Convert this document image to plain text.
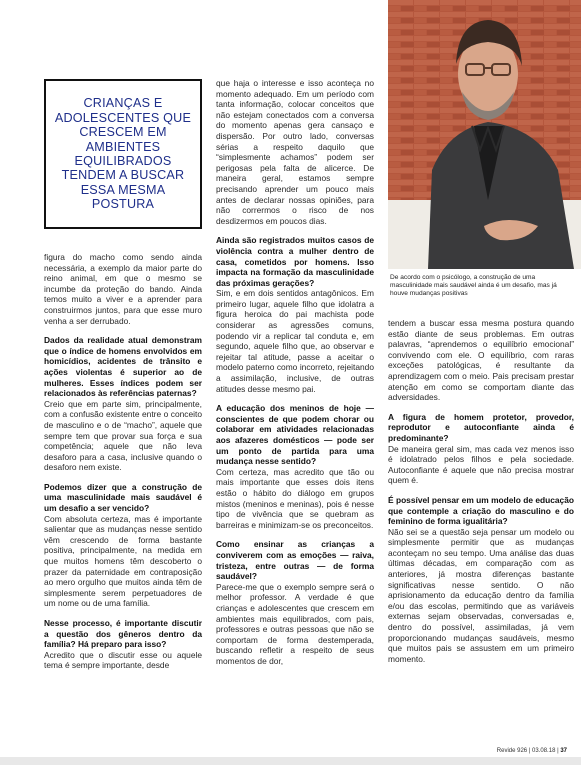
CRIANÇAS E ADOLESCENTES QUE CRESCEM EM AMBIENTES EQUILIBRADOS TENDEM A BUSCAR ESSA MESMA POSTURA
De acordo com o psicólogo, a construção de uma masculinidade mais saudável ainda é um desafio, mas já houve mudanças positivas

figura do macho como sendo ainda necessária, a exemplo da maior parte do reino animal, em que o mesmo se incumbe da proteção do bando. Ainda temos muito a viver e a aprender para construirmos juntos, para que esse muro venha a ser derrubado.

Dados da realidade atual demonstram que o índice de homens envolvidos em homicídios, acidentes de trânsito e ações violentas é superior ao de mulheres. Esses índices podem ser relacionados às referências paternas?

Creio que em parte sim, principalmente, com a confusão existente entre o conceito de masculino e o de “macho”, aquele que sempre tem que provar sua força e sua competência; aquele que não leva desaforo para a casa, inclusive quando o desaforo nem existe.

Podemos dizer que a construção de uma masculinidade mais saudável é um desafio a ser vencido?

Com absoluta certeza, mas é importante salientar que as mudanças nesse sentido vêm crescendo de forma bastante positiva, principalmente, na medida em que muitos homens têm descoberto o prazer da paternidade em contraposição ao mero orgulho que muitos ainda têm de simplesmente serem perpetuadores de um nome ou de uma família.

Nesse processo, é importante discutir a questão dos gêneros dentro da família? Há preparo para isso?

Acredito que o discutir esse ou aquele tema é sempre importante, desde

que haja o interesse e isso aconteça no momento adequado. Em um período com tanta informação, colocar conceitos que não estejam conectados com a conversa do momento apenas gera cansaço e dispersão. Por outro lado, conversas sérias a respeito daquilo que “simplesmente achamos” podem ser perigosas pela falta de alicerce. De maneira geral, estamos sempre precisando aprender um pouco mais antes de declarar nossas opiniões, para não corrermos o risco de nos desdizermos em poucos dias.

Ainda são registrados muitos casos de violência contra a mulher dentro de casa, cometidos por homens. Isso impacta na formação da masculinidade das próximas gerações?

Sim, e em dois sentidos antagônicos. Em primeiro lugar, aquele filho que idolatra a figura heroica do pai machista pode considerar as agressões comuns, podendo vir a replicar tal conduta e, em segundo, aquele filho que, ao observar e rejeitar tal atitude, passe a aceitar o modelo paterno como incorreto, rejeitando a assimilação, inclusive, de outras atitudes desse mesmo pai.

A educação dos meninos de hoje — conscientes de que podem chorar ou colaborar em atividades relacionadas aos afazeres domésticos — pode ser um ponto de partida para uma mudança nesse sentido?

Com certeza, mas acredito que tão ou mais importante que esses dois itens estão o hábito do diálogo em grupos mistos (meninos e meninas), pois é nesse tipo de vivência que se quebram as barreiras e minimizam-se os preconceitos.

Como ensinar as crianças a conviverem com as emoções — raiva, tristeza, entre outras — de forma saudável?

Parece-me que o exemplo sempre será o melhor professor. A verdade é que crianças e adolescentes que crescem em ambientes mais equilibrados, com pais, professores e outras pessoas que não se comportam de forma destemperada, buscando refletir a respeito de seus momentos de dor,

tendem a buscar essa mesma postura quando estão diante de seus problemas. Em outras palavras, “aprendemos o equilíbrio emocional” convivendo com ele. O equilíbrio, com raras exceções patológicas, é resultante da aprendizagem com o meio. Pais precisam prestar atenção em como se comportam diante das adversidades.

A figura de homem protetor, provedor, reprodutor e autoconfiante ainda é predominante?

De maneira geral sim, mas cada vez menos isso é idolatrado pelos filhos e pela sociedade. Autoconfiante é aquele que não precisa mostrar quem é.

É possível pensar em um modelo de educação que contemple a criação do masculino e do feminino de forma igualitária?

Não sei se a questão seja pensar um modelo ou simplesmente permitir que as mudanças aconteçam no seu tempo. Uma análise das duas últimas décadas, em comparação com as anteriores, já mostra diferenças bastante significativas nesse sentido. O não aprisionamento da educação dentro da família e/ou das escolas, permitindo que as variáveis externas sejam observadas, conversadas e, dentro do possível, assimiladas, já vem proporcionando mudanças saudáveis, mesmo que muitos pais se assustem em um primeiro momento.

Revide 926 | 03.08.18 | 37
